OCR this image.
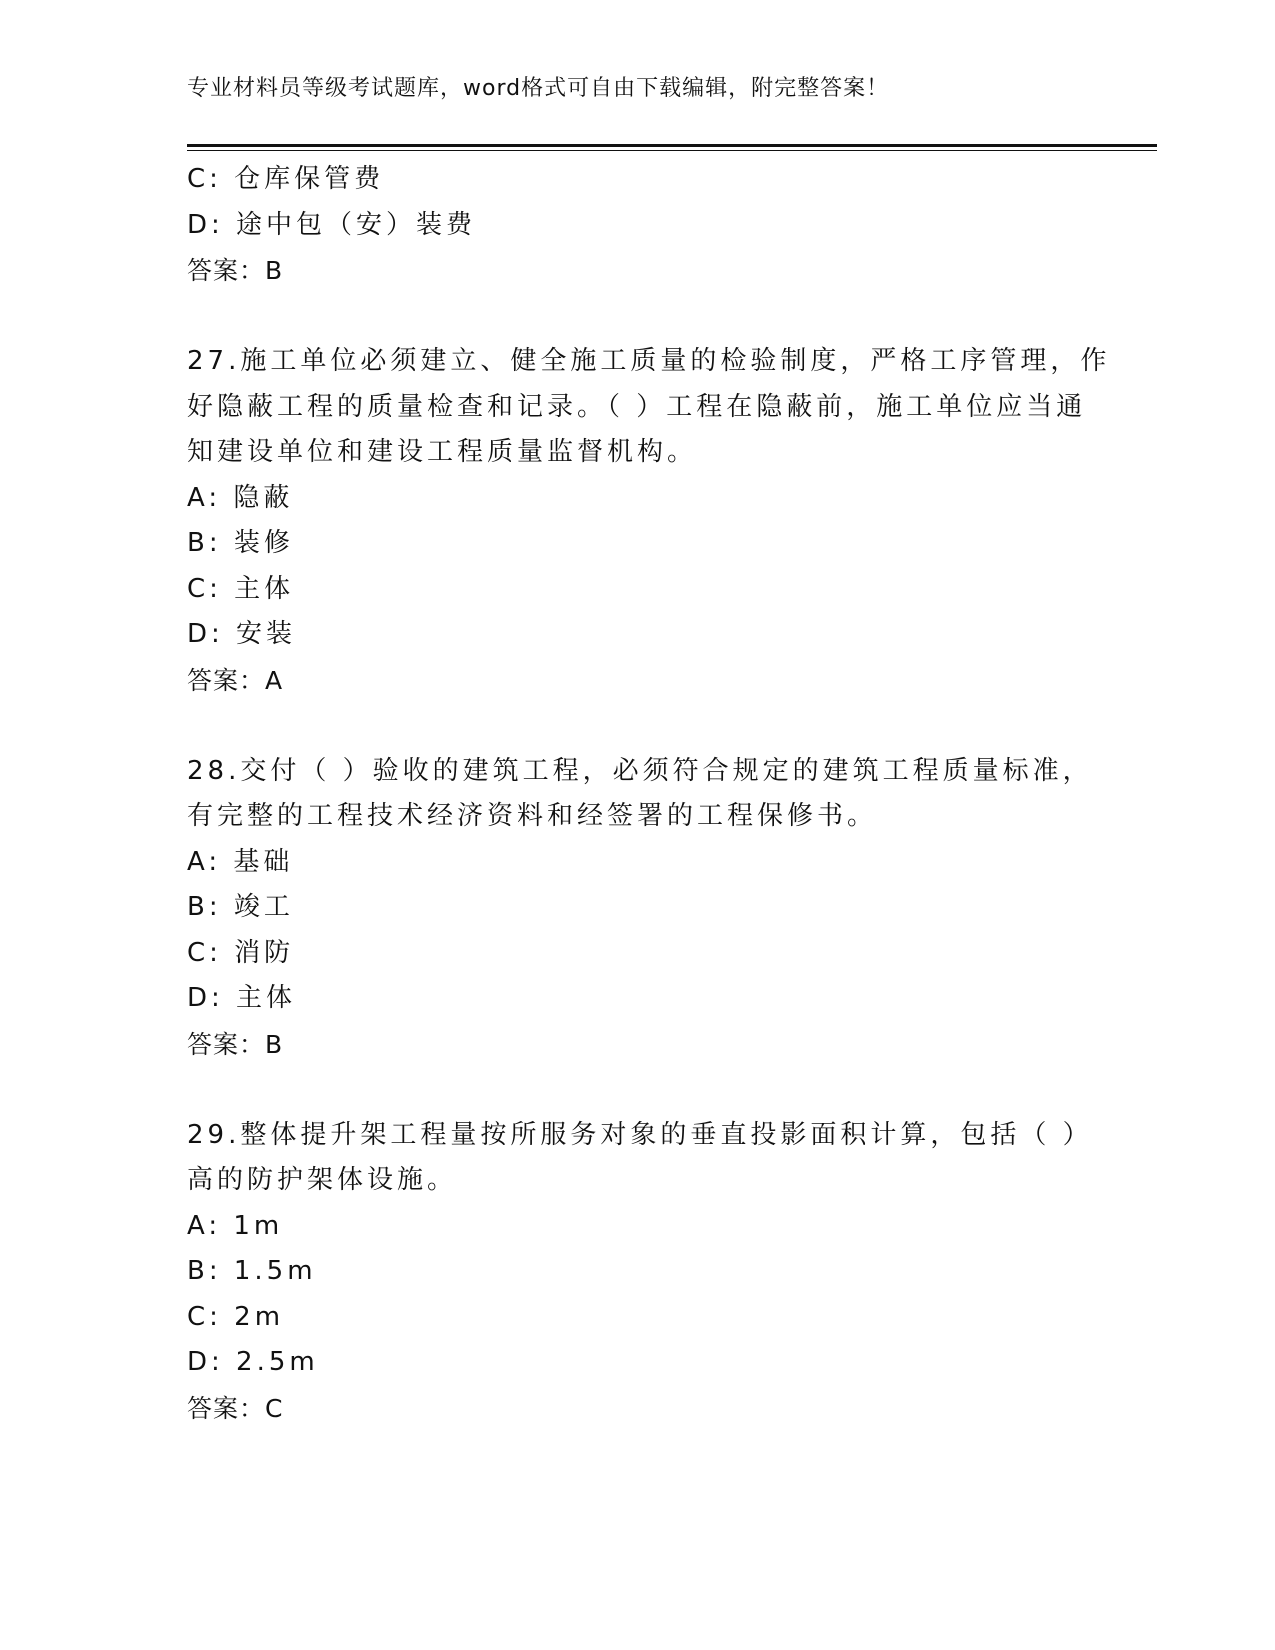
专业材料员等级考试题库，word格式可自由下载编辑，附完整答案！
C: 仓库保管费
D: 途中包（安）装费
答案：B
27.施工单位必须建立、健全施工质量的检验制度，严格工序管理，作
好隐蔽工程的质量检查和记录。（ ）工程在隐蔽前，施工单位应当通
知建设单位和建设工程质量监督机构。
A: 隐蔽
B: 装修
C: 主体
D: 安装
答案：A
28.交付（ ）验收的建筑工程，必须符合规定的建筑工程质量标准，
有完整的工程技术经济资料和经签署的工程保修书。
A: 基础
B: 竣工
C: 消防
D: 主体
答案：B
29.整体提升架工程量按所服务对象的垂直投影面积计算，包括（ ）
高的防护架体设施。
A: 1m
B: 1.5m
C: 2m
D: 2.5m
答案：C
